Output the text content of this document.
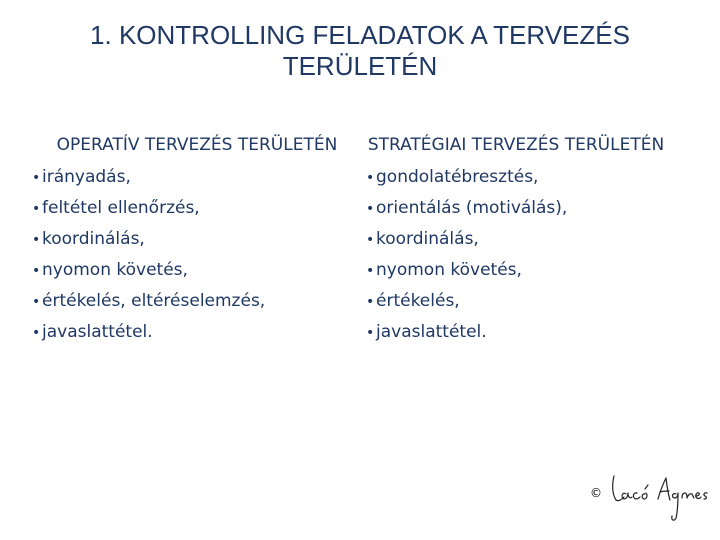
1. KONTROLLING FELADATOK A TERVEZÉS TERÜLETÉN
OPERATÍV TERVEZÉS TERÜLETÉN
• irányadás,
• feltétel ellenőrzés,
• koordinálás,
• nyomon követés,
• értékelés, eltéréselemzés,
• javaslattétel.
STRATÉGIAI TERVEZÉS TERÜLETÉN
• gondolatébresztés,
• orientálás (motiválás),
• koordinálás,
• nyomon követés,
• értékelés,
• javaslattétel.
©
